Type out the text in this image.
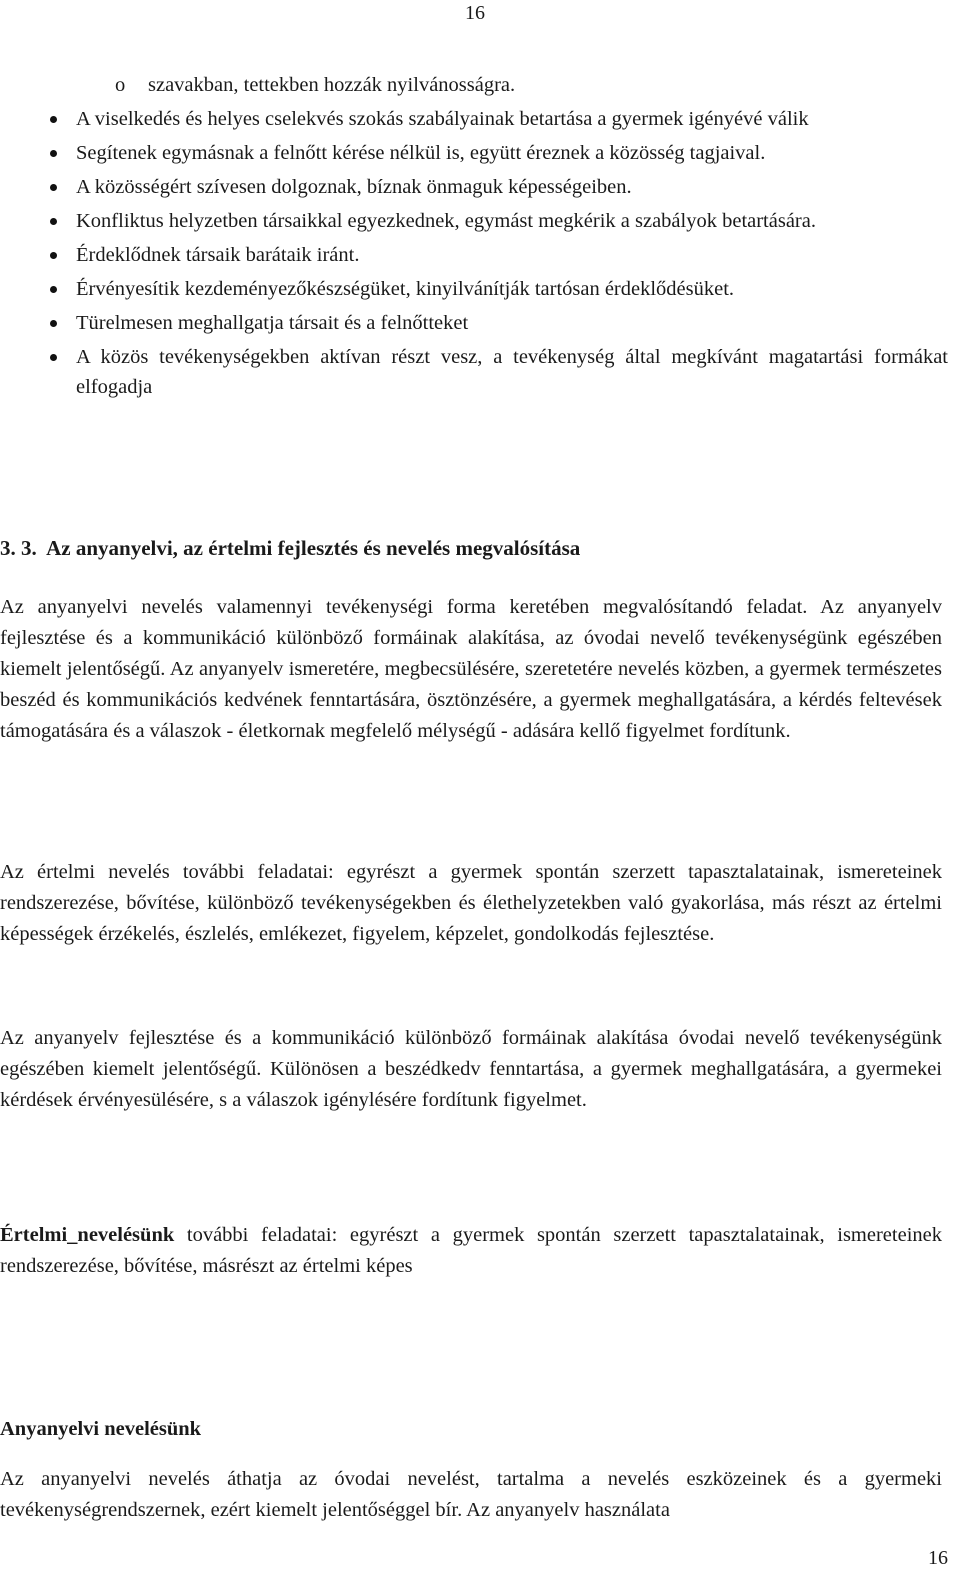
16
o szavakban, tettekben hozzák nyilvánosságra.
A viselkedés és helyes cselekvés szokás szabályainak betartása a gyermek igényévé válik
Segítenek egymásnak a felnőtt kérése nélkül is, együtt éreznek a közösség tagjaival.
A közösségért szívesen dolgoznak, bíznak önmaguk képességeiben.
Konfliktus helyzetben társaikkal egyezkednek, egymást megkérik a szabályok betartására.
Érdeklődnek társaik barátaik iránt.
Érvényesítik kezdeményezőkészségüket, kinyilvánítják tartósan érdeklődésüket.
Türelmesen meghallgatja társait és a felnőtteket
A közös tevékenységekben aktívan részt vesz, a tevékenység által megkívánt magatartási formákat elfogadja
3. 3. Az anyanyelvi, az értelmi fejlesztés és nevelés megvalósítása

Az anyanyelvi nevelés valamennyi tevékenységi forma keretében megvalósítandó feladat. Az anyanyelv fejlesztése és a kommunikáció különböző formáinak alakítása, az óvodai nevelő tevékenységünk egészében kiemelt jelentőségű. Az anyanyelv ismeretére, megbecsülésére, szeretetére nevelés közben, a gyermek természetes beszéd és kommunikációs kedvének fenntartására, ösztönzésére, a gyermek meghallgatására, a kérdés feltevések támogatására és a válaszok - életkornak megfelelő mélységű - adására kellő figyelmet fordítunk.

Az értelmi nevelés további feladatai: egyrészt a gyermek spontán szerzett tapasztalatainak, ismereteinek rendszerezése, bővítése, különböző tevékenységekben és élethelyzetekben való gyakorlása, más részt az értelmi képességek érzékelés, észlelés, emlékezet, figyelem, képzelet, gondolkodás fejlesztése.

Az anyanyelv fejlesztése és a kommunikáció különböző formáinak alakítása óvodai nevelő tevékenységünk egészében kiemelt jelentőségű. Különösen a beszédkedv fenntartása, a gyermek meghallgatására, a gyermekei kérdések érvényesülésére, s a válaszok igénylésére fordítunk figyelmet.

Értelmi_nevelésünk további feladatai: egyrészt a gyermek spontán szerzett tapasztalatainak, ismereteinek rendszerezése, bővítése, másrészt az értelmi képes

Anyanyelvi nevelésünk

Az anyanyelvi nevelés áthatja az óvodai nevelést, tartalma a nevelés eszközeinek és a gyermeki tevékenységrendszernek, ezért kiemelt jelentőséggel bír. Az anyanyelv használata

16
